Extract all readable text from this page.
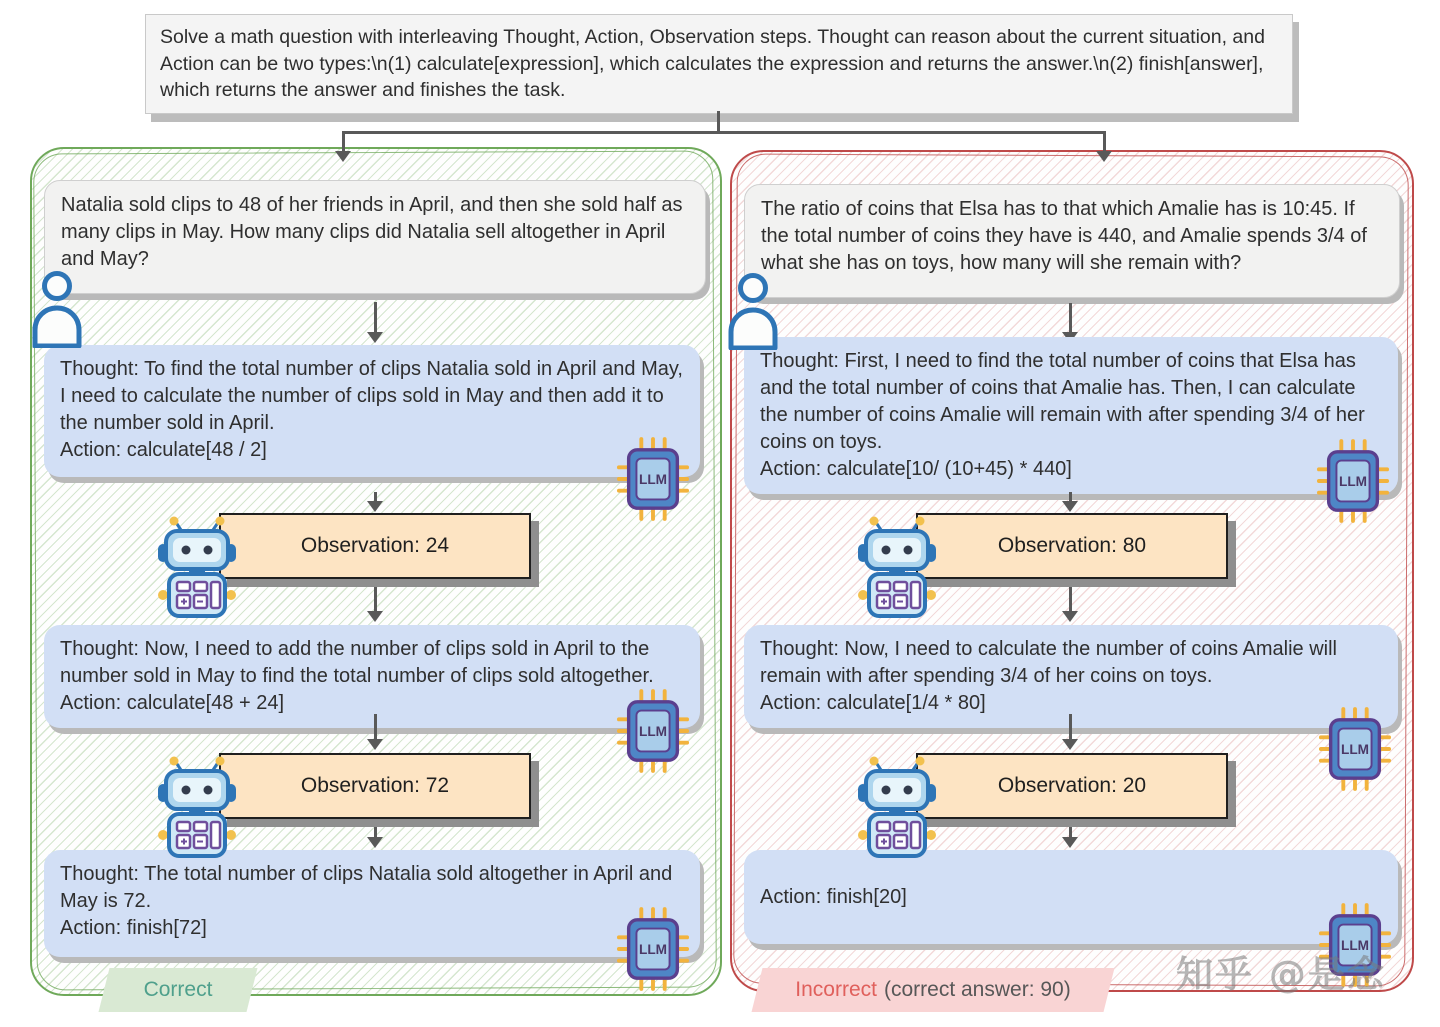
Solve a math question with interleaving Thought, Action, Observation steps. Thought can reason about the current situation, and Action can be two types:\n(1) calculate[expression], which calculates the expression and returns the answer.\n(2) finish[answer], which returns the answer and finishes the task.
Natalia sold clips to 48 of her friends in April, and then she sold half as many clips in May. How many clips did Natalia sell altogether in April and May?
Thought: To find the total number of clips Natalia sold in April and May, I need to calculate the number of clips sold in May and then add it to the number sold in April.
Action: calculate[48 / 2]
Observation: 24
Thought: Now, I need to add the number of clips sold in April to the number sold in May to find the total number of clips sold altogether.
Action: calculate[48 + 24]
Observation: 72
Thought: The total number of clips Natalia sold altogether in April and May is 72.
Action: finish[72]
Correct
The ratio of coins that Elsa has to that which Amalie has is 10:45. If the total number of coins they have is 440, and Amalie spends 3/4 of what she has on toys, how many will she remain with?
Thought: First, I need to find the total number of coins that Elsa has and the total number of coins that Amalie has. Then, I can calculate the number of coins Amalie will remain with after spending 3/4 of her coins on toys.
Action: calculate[10/ (10+45) * 440]
Observation: 80
Thought: Now, I need to calculate the number of coins Amalie will remain with after spending 3/4 of her coins on toys.
Action: calculate[1/4 * 80]
Observation: 20
Action: finish[20]
Incorrect (correct answer: 90)	知乎 @是念
